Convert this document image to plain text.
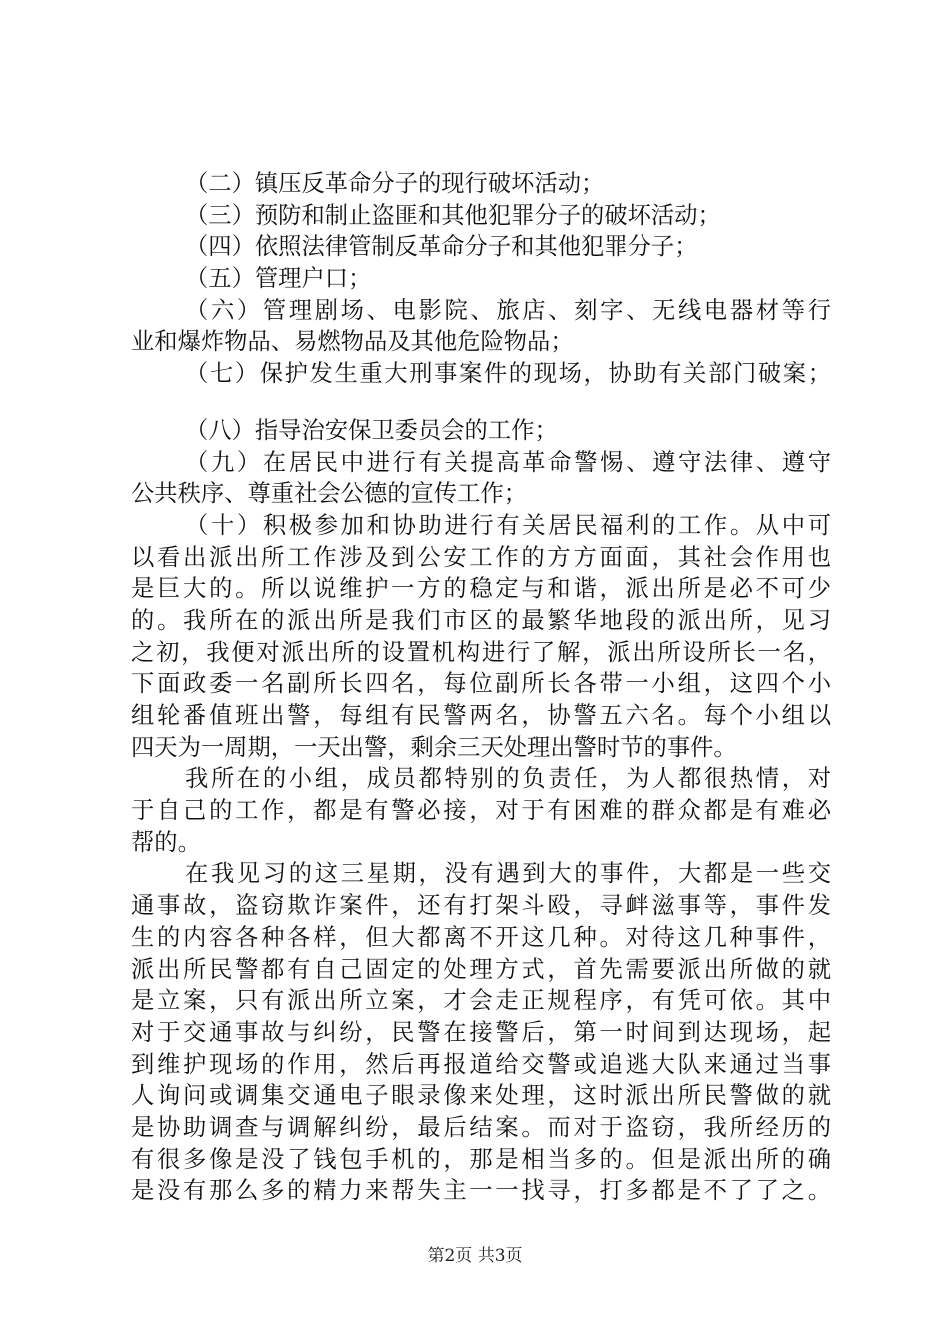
（二）镇压反革命分子的现行破坏活动；
（三）预防和制止盗匪和其他犯罪分子的破坏活动；
（四）依照法律管制反革命分子和其他犯罪分子；
（五）管理户口；
（六）管理剧场、电影院、旅店、刻字、无线电器材等行
业和爆炸物品、易燃物品及其他危险物品；
（七）保护发生重大刑事案件的现场，协助有关部门破案；
（八）指导治安保卫委员会的工作；
（九）在居民中进行有关提高革命警惕、遵守法律、遵守
公共秩序、尊重社会公德的宣传工作；
（十）积极参加和协助进行有关居民福利的工作。从中可
以看出派出所工作涉及到公安工作的方方面面，其社会作用也
是巨大的。所以说维护一方的稳定与和谐，派出所是必不可少
的。我所在的派出所是我们市区的最繁华地段的派出所，见习
之初，我便对派出所的设置机构进行了解，派出所设所长一名，
下面政委一名副所长四名，每位副所长各带一小组，这四个小
组轮番值班出警，每组有民警两名，协警五六名。每个小组以
四天为一周期，一天出警，剩余三天处理出警时节的事件。
我所在的小组，成员都特别的负责任，为人都很热情，对
于自己的工作，都是有警必接，对于有困难的群众都是有难必
帮的。
在我见习的这三星期，没有遇到大的事件，大都是一些交
通事故，盗窃欺诈案件，还有打架斗殴，寻衅滋事等，事件发
生的内容各种各样，但大都离不开这几种。对待这几种事件，
派出所民警都有自己固定的处理方式，首先需要派出所做的就
是立案，只有派出所立案，才会走正规程序，有凭可依。其中
对于交通事故与纠纷，民警在接警后，第一时间到达现场，起
到维护现场的作用，然后再报道给交警或追逃大队来通过当事
人询问或调集交通电子眼录像来处理，这时派出所民警做的就
是协助调查与调解纠纷，最后结案。而对于盗窃，我所经历的
有很多像是没了钱包手机的，那是相当多的。但是派出所的确
是没有那么多的精力来帮失主一一找寻，打多都是不了了之。
第2页 共3页
